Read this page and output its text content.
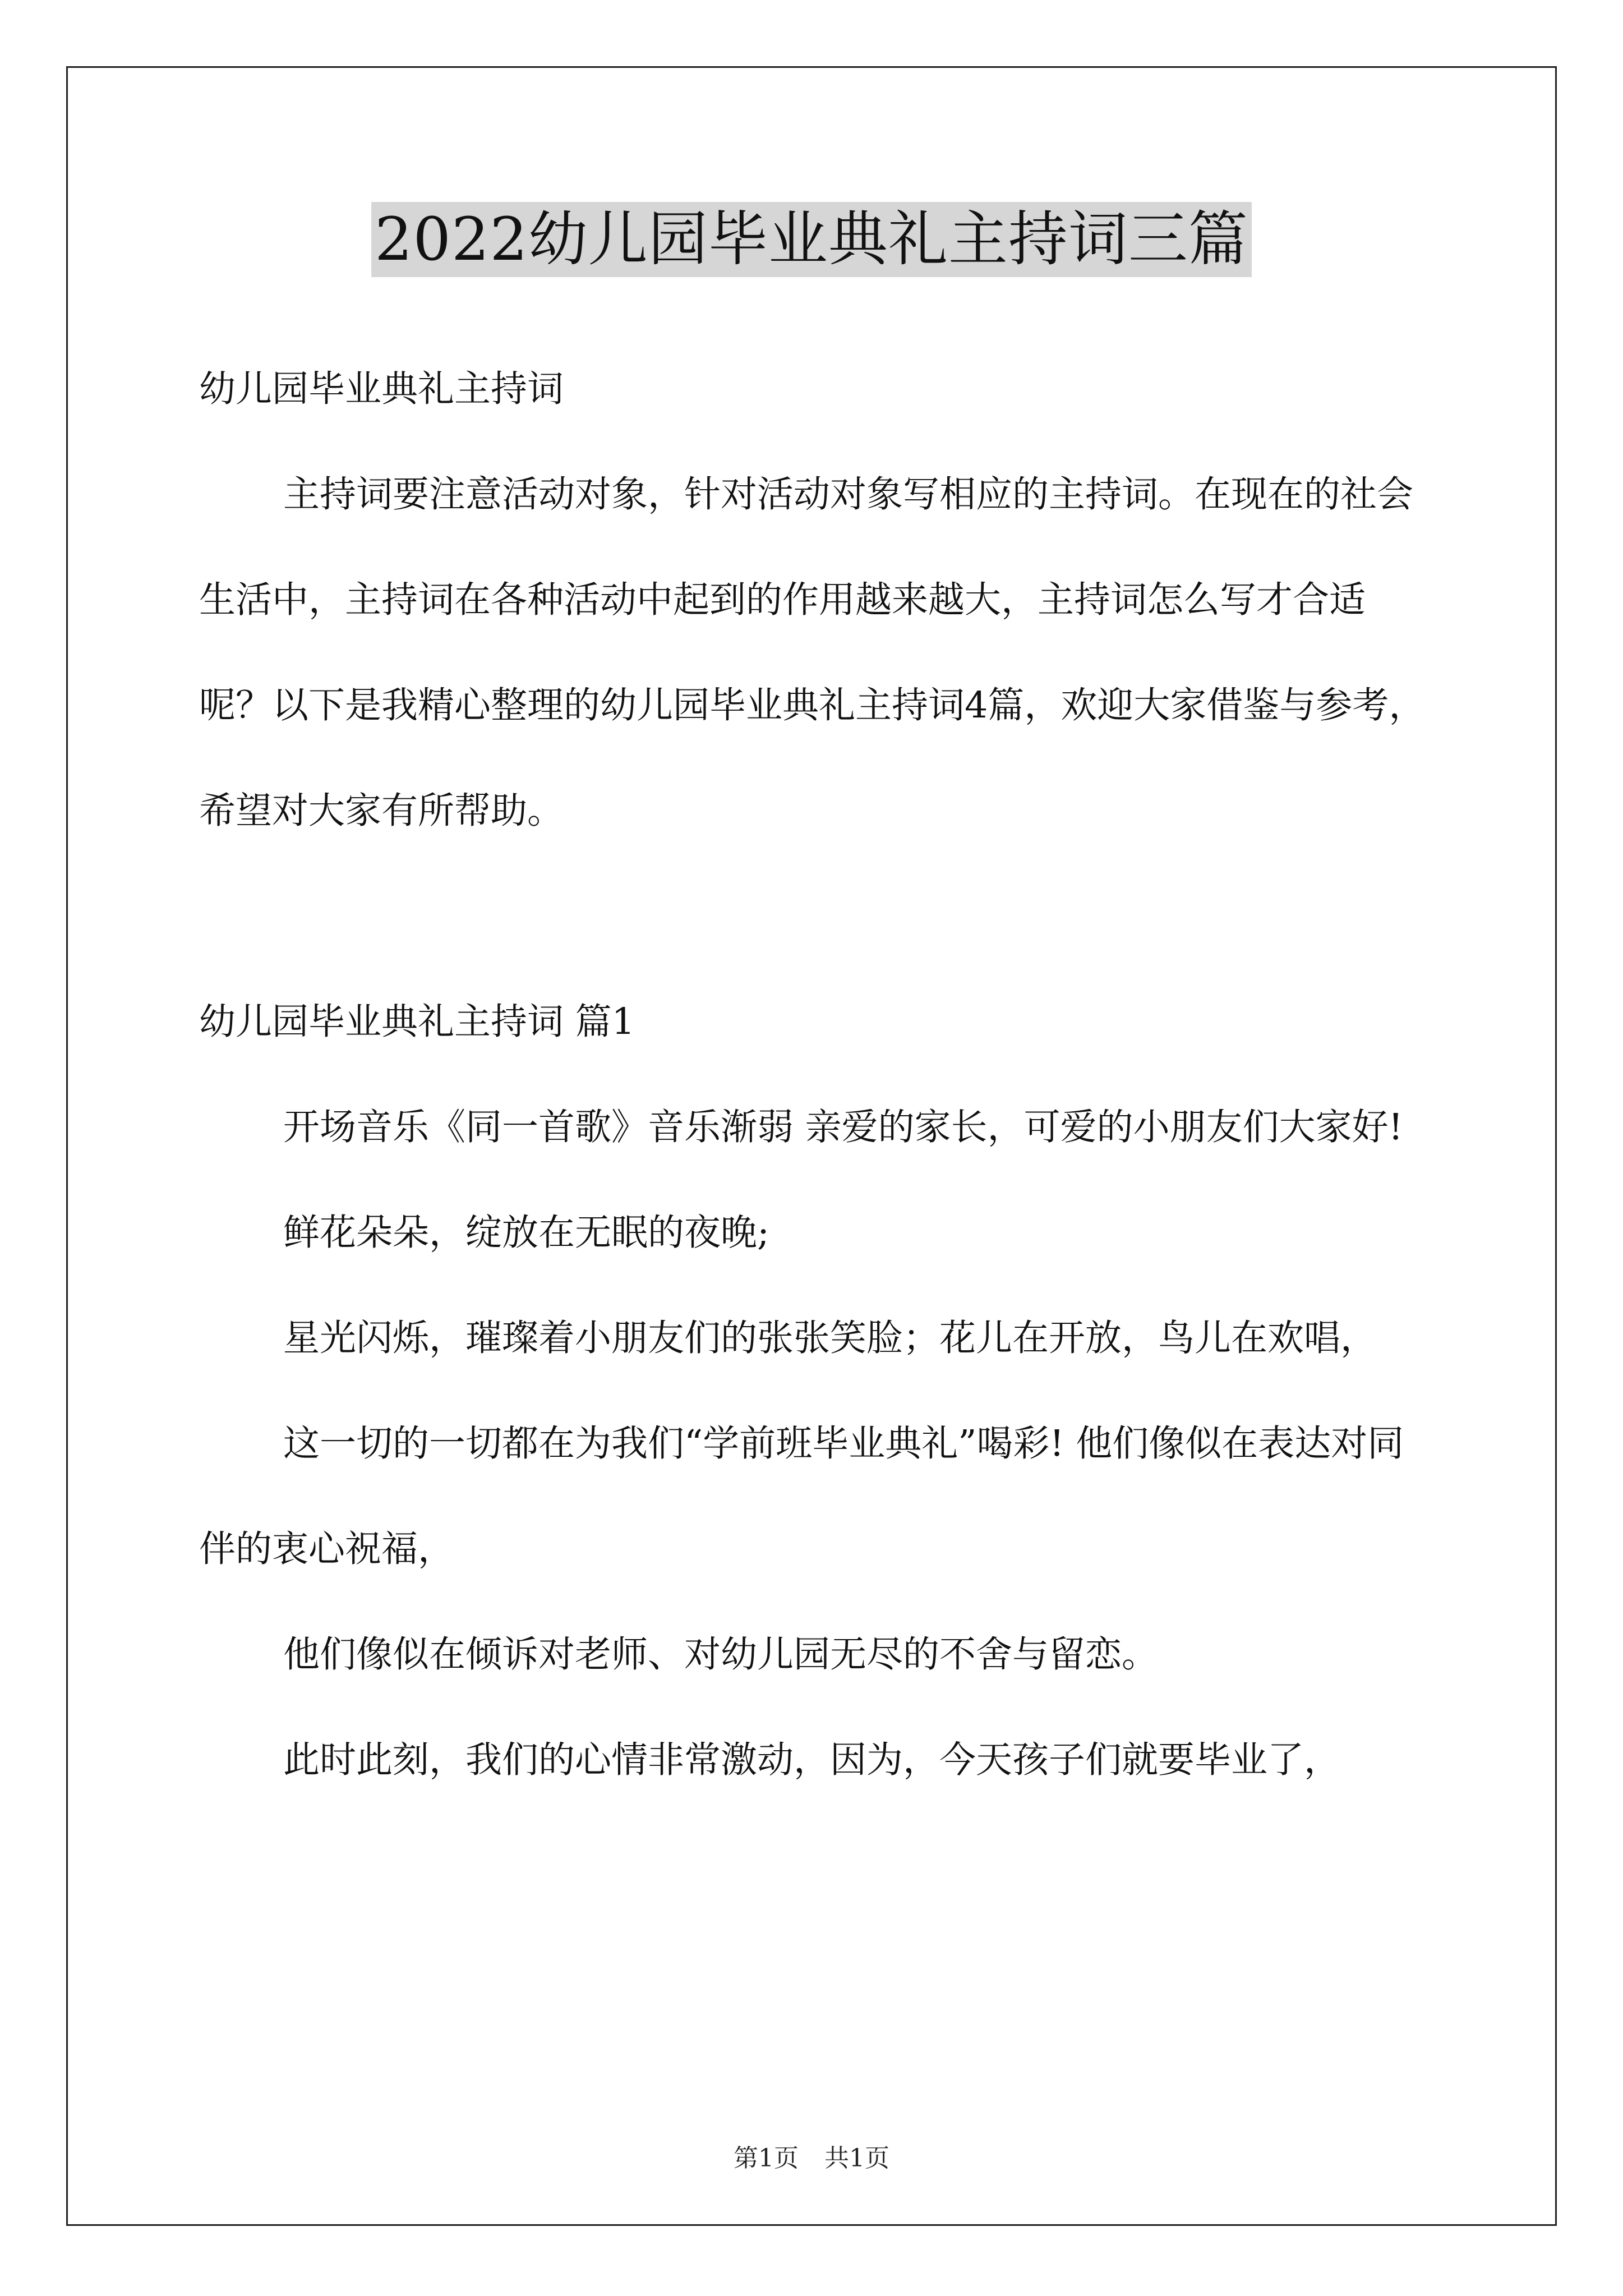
2022幼儿园毕业典礼主持词三篇

幼儿园毕业典礼主持词

主持词要注意活动对象，针对活动对象写相应的主持词。在现在的社会生活中，主持词在各种活动中起到的作用越来越大，主持词怎么写才合适呢？以下是我精心整理的幼儿园毕业典礼主持词4篇，欢迎大家借鉴与参考，希望对大家有所帮助。

幼儿园毕业典礼主持词 篇1

开场音乐《同一首歌》音乐渐弱 亲爱的家长，可爱的小朋友们大家好!

鲜花朵朵，绽放在无眠的夜晚;

星光闪烁，璀璨着小朋友们的张张笑脸；花儿在开放，鸟儿在欢唱，

这一切的一切都在为我们“学前班毕业典礼”喝彩! 他们像似在表达对同伴的衷心祝福，

他们像似在倾诉对老师、对幼儿园无尽的不舍与留恋。

此时此刻，我们的心情非常激动，因为，今天孩子们就要毕业了，

第1页 共1页
